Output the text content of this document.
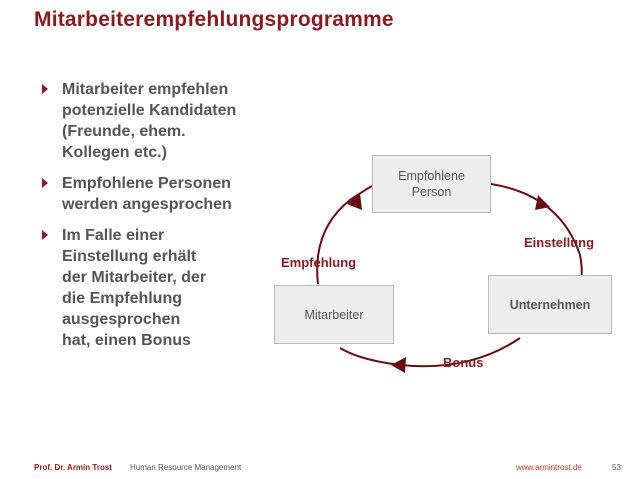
Mitarbeiterempfehlungsprogramme
Mitarbeiter empfehlen
potenzielle Kandidaten
(Freunde, ehem.
Kollegen etc.)
Empfohlene Personen
werden angesprochen
Im Falle einer
Einstellung erhält
der Mitarbeiter, der
die Empfehlung
ausgesprochen
hat, einen Bonus
Empfohlene
Person
Unternehmen
Mitarbeiter
Empfehlung
Einstellung
Bonus
Prof. Dr. Armin Trost Human Resource Management	www.armintrost.de	53
